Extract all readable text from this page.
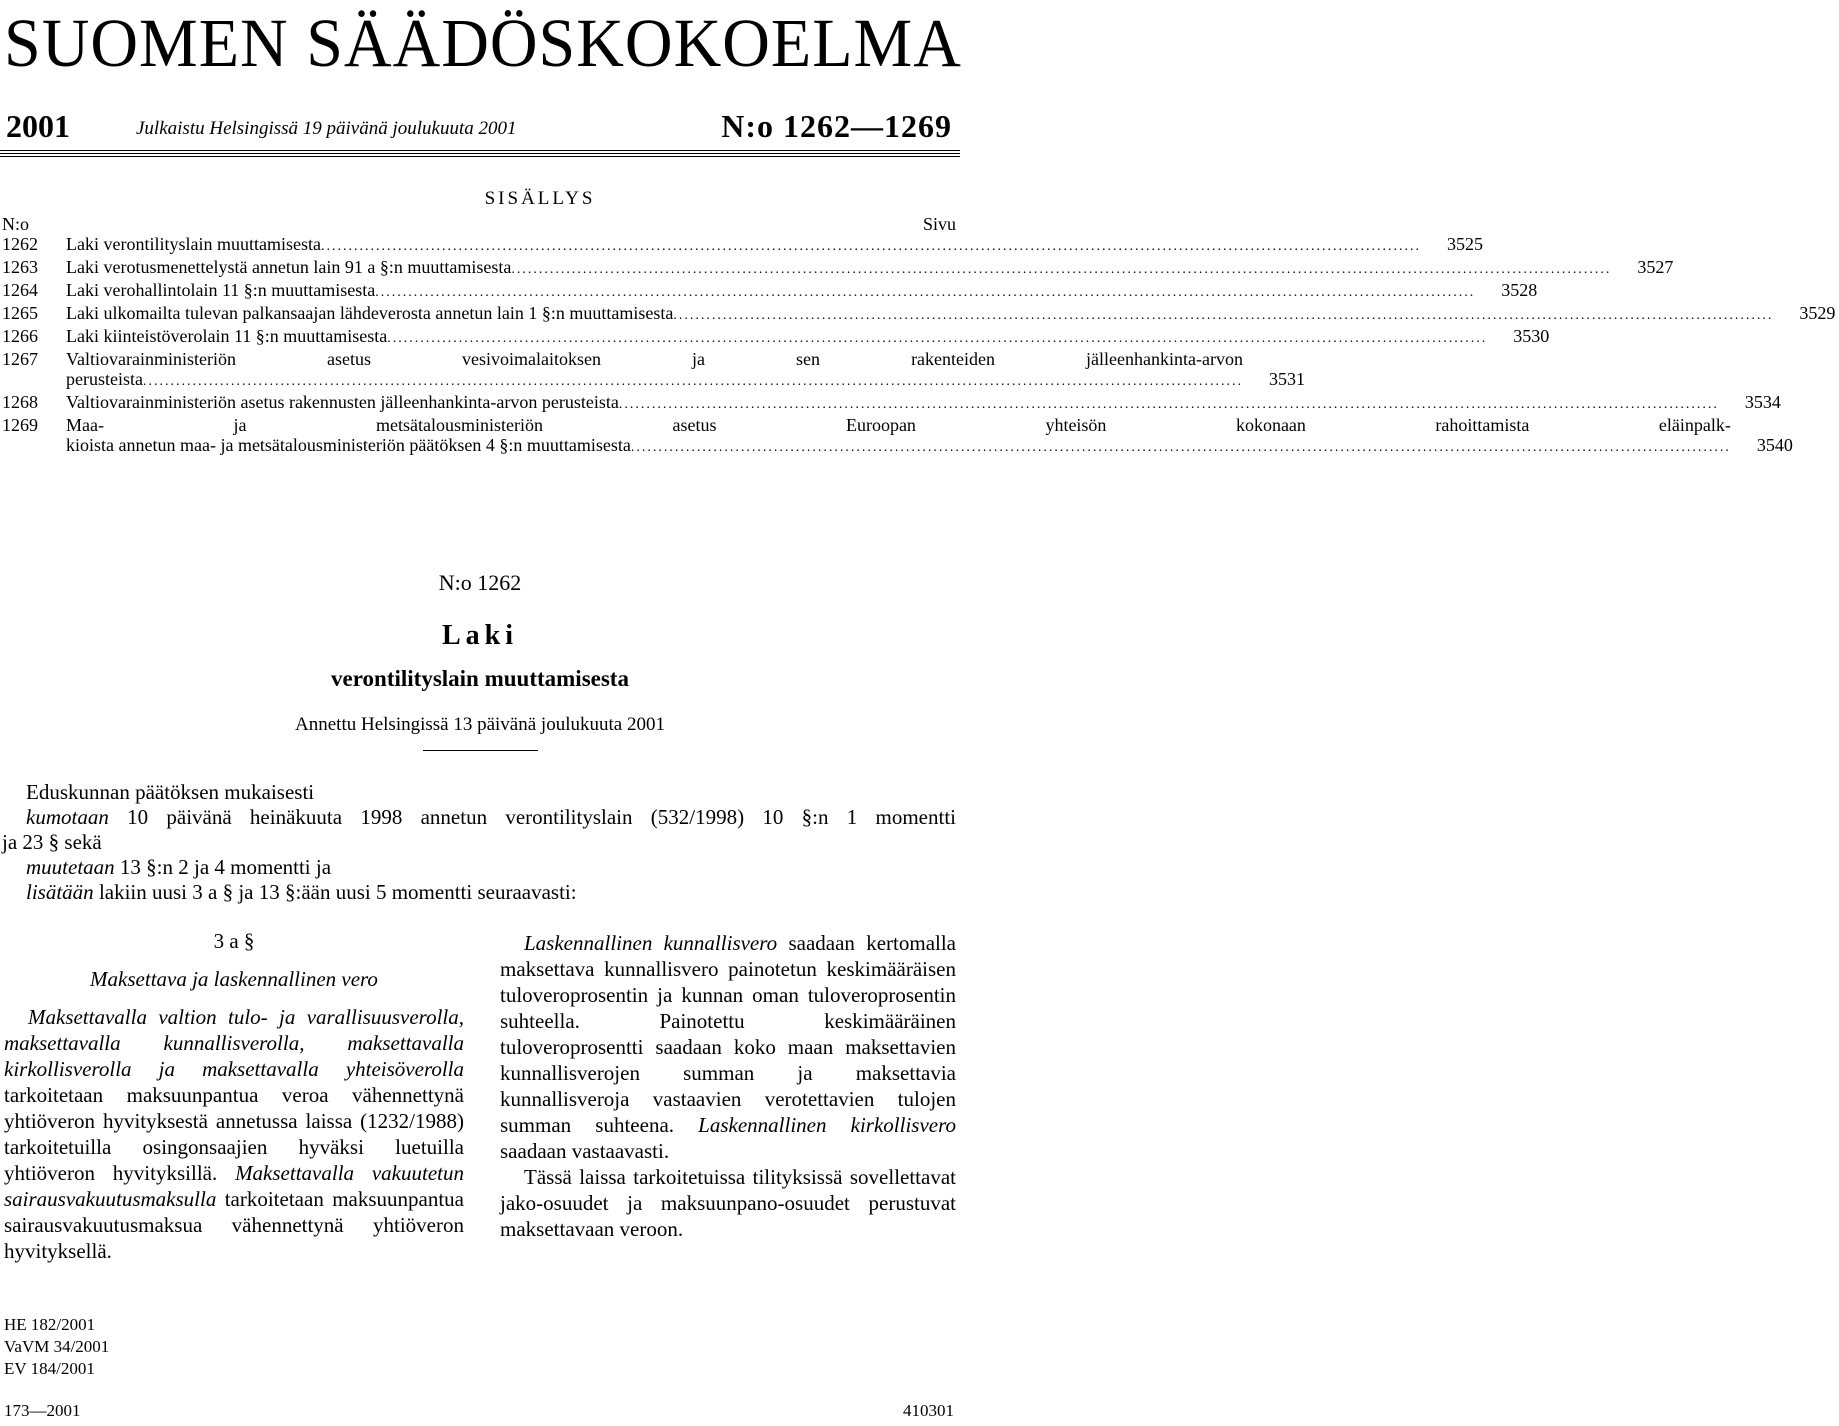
SUOMEN SÄÄDÖSKOKOELMA
2001	Julkaistu Helsingissä 19 päivänä joulukuuta 2001	N:o 1262—1269
SISÄLLYS
N:o	Sivu
1262	Laki verontilityslain muuttamisesta ........................................................................................................................................................................................................	3525
1263	Laki verotusmenettelystä annetun lain 91 a §:n muuttamisesta ........................................................................................................................................................................................................	3527
1264	Laki verohallintolain 11 §:n muuttamisesta ........................................................................................................................................................................................................	3528
1265	Laki ulkomailta tulevan palkansaajan lähdeverosta annetun lain 1 §:n muuttamisesta ........................................................................................................................................................................................................	3529
1266	Laki kiinteistöverolain 11 §:n muuttamisesta ........................................................................................................................................................................................................	3530
1267	Valtiovarainministeriön asetus vesivoimalaitoksen ja sen rakenteiden jälleenhankinta-arvon
perusteista ........................................................................................................................................................................................................	3531
1268	Valtiovarainministeriön asetus rakennusten jälleenhankinta-arvon perusteista ........................................................................................................................................................................................................	3534
1269	Maa- ja metsätalousministeriön asetus Euroopan yhteisön kokonaan rahoittamista eläinpalk-
kioista annetun maa- ja metsätalousministeriön päätöksen 4 §:n muuttamisesta ........................................................................................................................................................................................................	3540
N:o 1262
Laki
verontilityslain muuttamisesta
Annettu Helsingissä 13 päivänä joulukuuta 2001
Eduskunnan päätöksen mukaisesti
kumotaan 10 päivänä heinäkuuta 1998 annetun verontilityslain (532/1998) 10 §:n 1 momentti
ja 23 § sekä
muutetaan 13 §:n 2 ja 4 momentti ja
lisätään lakiin uusi 3 a § ja 13 §:ään uusi 5 momentti seuraavasti:
3 a §
Maksettava ja laskennallinen vero
Maksettavalla valtion tulo- ja varallisuusverolla, maksettavalla kunnallisverolla, maksettavalla kirkollisverolla ja maksettavalla yhteisöverolla tarkoitetaan maksuunpantua veroa vähennettynä yhtiöveron hyvityksestä annetussa laissa (1232/1988) tarkoitetuilla osingonsaajien hyväksi luetuilla yhtiöveron hyvityksillä. Maksettavalla vakuutetun sairausvakuutusmaksulla tarkoitetaan maksuunpantua sairausvakuutusmaksua vähennettynä yhtiöveron hyvityksellä.
Laskennallinen kunnallisvero saadaan kertomalla maksettava kunnallisvero painotetun keskimääräisen tuloveroprosentin ja kunnan oman tuloveroprosentin suhteella. Painotettu keskimääräinen tuloveroprosentti saadaan koko maan maksettavien kunnallisverojen summan ja maksettavia kunnallisveroja vastaavien verotettavien tulojen summan suhteena. Laskennallinen kirkollisvero saadaan vastaavasti.
Tässä laissa tarkoitetuissa tilityksissä sovellettavat jako-osuudet ja maksuunpano-osuudet perustuvat maksettavaan veroon.
HE 182/2001
VaVM 34/2001
EV 184/2001
173—2001	410301
